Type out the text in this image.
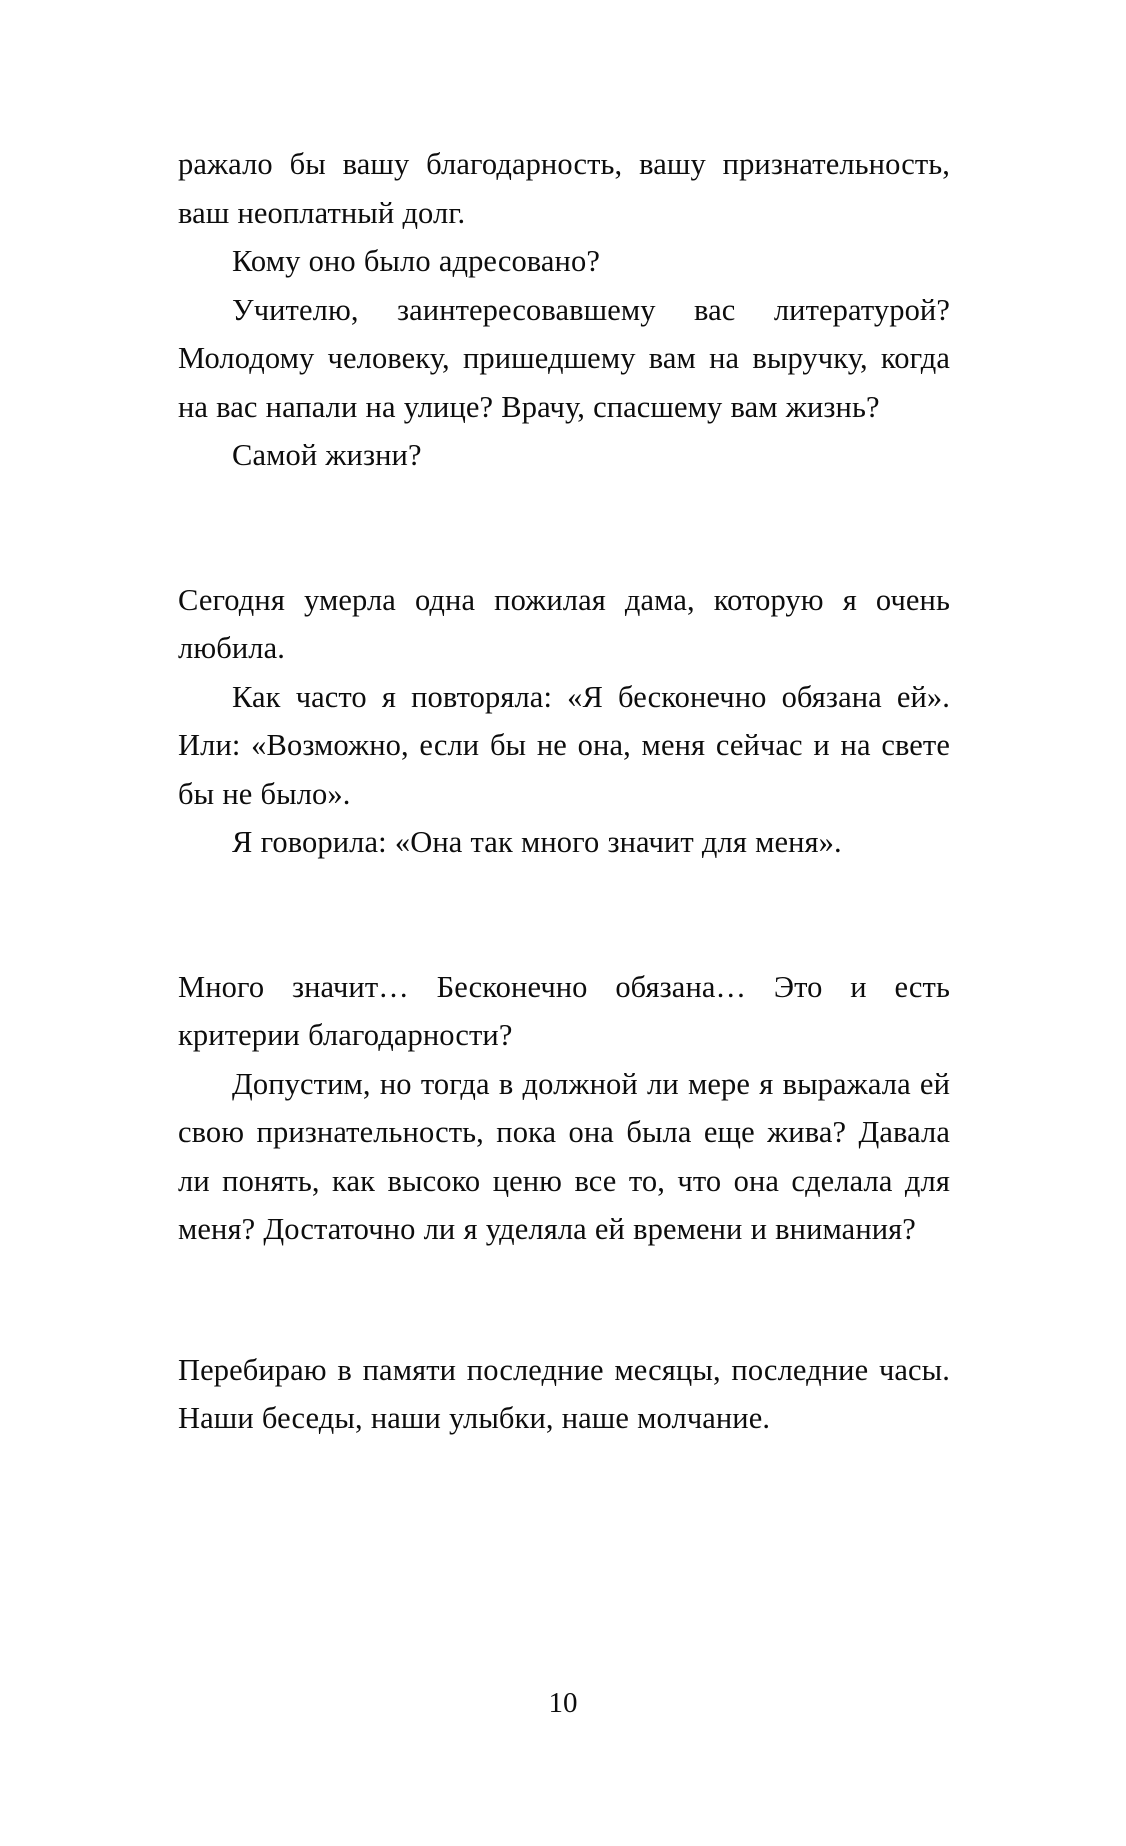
ражало бы вашу благодарность, вашу признательность, ваш неоплатный долг.

Кому оно было адресовано?

Учителю, заинтересовавшему вас литературой? Молодому человеку, пришедшему вам на выручку, когда на вас напали на улице? Врачу, спасшему вам жизнь?

Самой жизни?

Сегодня умерла одна пожилая дама, которую я очень любила.

Как часто я повторяла: «Я бесконечно обязана ей». Или: «Возможно, если бы не она, меня сейчас и на свете бы не было».

Я говорила: «Она так много значит для меня».

Много значит… Бесконечно обязана… Это и есть критерии благодарности?

Допустим, но тогда в должной ли мере я выражала ей свою признательность, пока она была еще жива? Давала ли понять, как высоко ценю все то, что она сделала для меня? Достаточно ли я уделяла ей времени и внимания?

Перебираю в памяти последние месяцы, последние часы. Наши беседы, наши улыбки, наше молчание.

10
